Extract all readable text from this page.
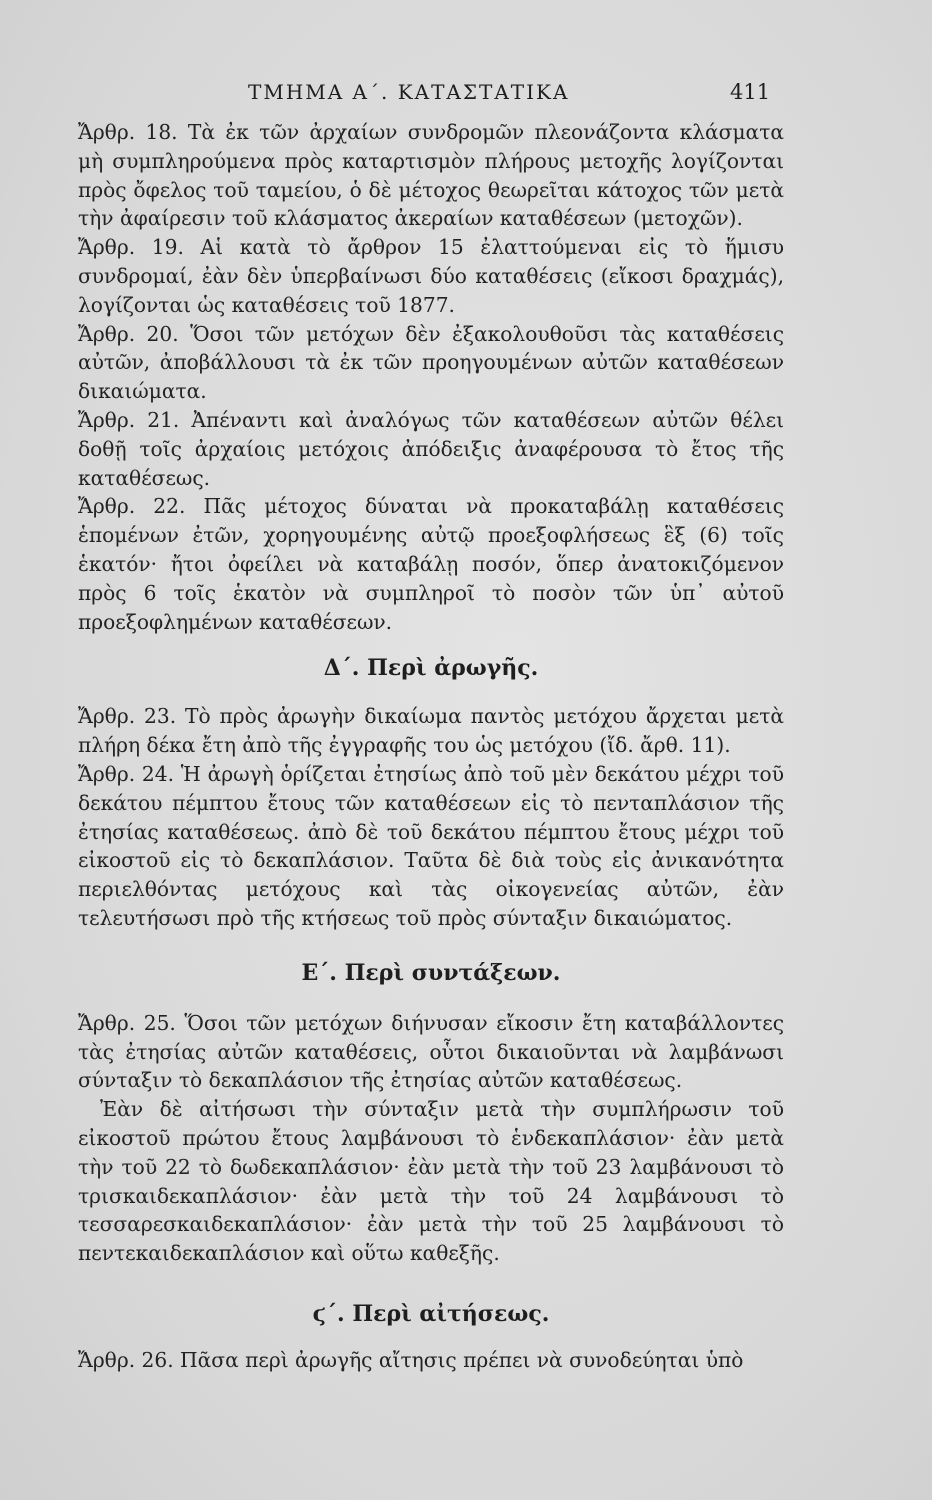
ΤΜΗΜΑ Α΄. ΚΑΤΑΣΤΑΤΙΚΑ	411

Ἄρθρ. 18. Τὰ ἐκ τῶν ἀρχαίων συνδρομῶν πλεονάζοντα κλάσματα μὴ συμπληρούμενα πρὸς καταρτισμὸν πλήρους μετοχῆς λογίζονται πρὸς ὄφελος τοῦ ταμείου, ὁ δὲ μέτοχος θεωρεῖται κάτοχος τῶν μετὰ τὴν ἀφαίρεσιν τοῦ κλάσματος ἀκεραίων καταθέσεων (μετοχῶν).

Ἄρθρ. 19. Αἱ κατὰ τὸ ἄρθρον 15 ἐλαττούμεναι εἰς τὸ ἥμισυ συνδρομαί, ἐὰν δὲν ὑπερβαίνωσι δύο καταθέσεις (εἴκοσι δραχμάς), λογίζονται ὡς καταθέσεις τοῦ 1877.

Ἄρθρ. 20. Ὅσοι τῶν μετόχων δὲν ἐξακολουθοῦσι τὰς καταθέσεις αὐτῶν, ἀποβάλλουσι τὰ ἐκ τῶν προηγουμένων αὐτῶν καταθέσεων δικαιώματα.

Ἄρθρ. 21. Ἀπέναντι καὶ ἀναλόγως τῶν καταθέσεων αὐτῶν θέλει δοθῇ τοῖς ἀρχαίοις μετόχοις ἀπόδειξις ἀναφέρουσα τὸ ἔτος τῆς καταθέσεως.

Ἄρθρ. 22. Πᾶς μέτοχος δύναται νὰ προκαταβάλῃ καταθέσεις ἑπομένων ἐτῶν, χορηγουμένης αὐτῷ προεξοφλήσεως ἓξ (6) τοῖς ἑκατόν· ἤτοι ὀφείλει νὰ καταβάλῃ ποσόν, ὅπερ ἀνατοκιζόμενον πρὸς 6 τοῖς ἑκατὸν νὰ συμπληροῖ τὸ ποσὸν τῶν ὑπ᾽ αὐτοῦ προεξοφλημένων καταθέσεων.

Δ΄. Περὶ ἀρωγῆς.

Ἄρθρ. 23. Τὸ πρὸς ἀρωγὴν δικαίωμα παντὸς μετόχου ἄρχεται μετὰ πλήρη δέκα ἔτη ἀπὸ τῆς ἐγγραφῆς του ὡς μετόχου (ἴδ. ἄρθ. 11).

Ἄρθρ. 24. Ἡ ἀρωγὴ ὁρίζεται ἐτησίως ἀπὸ τοῦ μὲν δεκάτου μέχρι τοῦ δεκάτου πέμπτου ἔτους τῶν καταθέσεων εἰς τὸ πενταπλάσιον τῆς ἐτησίας καταθέσεως. ἀπὸ δὲ τοῦ δεκάτου πέμπτου ἔτους μέχρι τοῦ εἰκοστοῦ εἰς τὸ δεκαπλάσιον. Ταῦτα δὲ διὰ τοὺς εἰς ἀνικανότητα περιελθόντας μετόχους καὶ τὰς οἰκογενείας αὐτῶν, ἐὰν τελευτήσωσι πρὸ τῆς κτήσεως τοῦ πρὸς σύνταξιν δικαιώματος.

Ε΄. Περὶ συντάξεων.

Ἄρθρ. 25. Ὅσοι τῶν μετόχων διήνυσαν εἴκοσιν ἔτη καταβάλλοντες τὰς ἐτησίας αὐτῶν καταθέσεις, οὗτοι δικαιοῦνται νὰ λαμβάνωσι σύνταξιν τὸ δεκαπλάσιον τῆς ἐτησίας αὐτῶν καταθέσεως.

Ἐὰν δὲ αἰτήσωσι τὴν σύνταξιν μετὰ τὴν συμπλήρωσιν τοῦ εἰκοστοῦ πρώτου ἔτους λαμβάνουσι τὸ ἑνδεκαπλάσιον· ἐὰν μετὰ τὴν τοῦ 22 τὸ δωδεκαπλάσιον· ἐὰν μετὰ τὴν τοῦ 23 λαμβάνουσι τὸ τρισκαιδεκαπλάσιον· ἐὰν μετὰ τὴν τοῦ 24 λαμβάνουσι τὸ τεσσαρεσκαιδεκαπλάσιον· ἐὰν μετὰ τὴν τοῦ 25 λαμβάνουσι τὸ πεντεκαιδεκαπλάσιον καὶ οὕτω καθεξῆς.

ϛ΄. Περὶ αἰτήσεως.

Ἄρθρ. 26. Πᾶσα περὶ ἀρωγῆς αἴτησις πρέπει νὰ συνοδεύηται ὑπὸ
